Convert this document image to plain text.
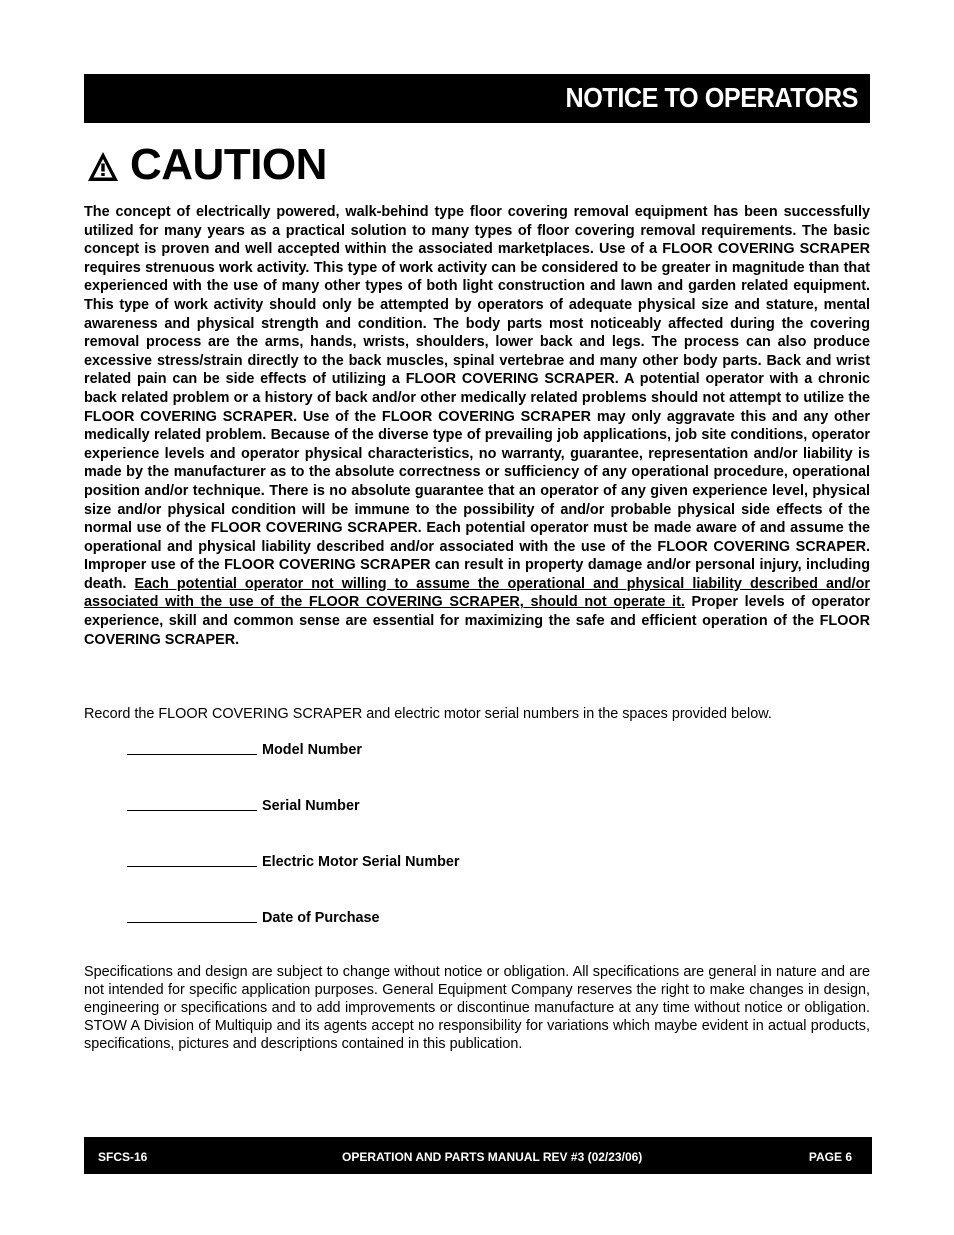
NOTICE TO OPERATORS
CAUTION

The concept of electrically powered, walk-behind type floor covering removal equipment has been successfully utilized for many years as a practical solution to many types of floor covering removal requirements. The basic concept is proven and well accepted within the associated marketplaces. Use of a FLOOR COVERING SCRAPER requires strenuous work activity. This type of work activity can be considered to be greater in magnitude than that experienced with the use of many other types of both light construction and lawn and garden related equipment. This type of work activity should only be attempted by operators of adequate physical size and stature, mental awareness and physical strength and condition. The body parts most noticeably affected during the covering removal process are the arms, hands, wrists, shoulders, lower back and legs. The process can also produce excessive stress/strain directly to the back muscles, spinal vertebrae and many other body parts. Back and wrist related pain can be side effects of utilizing a FLOOR COVERING SCRAPER. A potential operator with a chronic back related problem or a history of back and/or other medically related problems should not attempt to utilize the FLOOR COVERING SCRAPER. Use of the FLOOR COVERING SCRAPER may only aggravate this and any other medically related problem. Because of the diverse type of prevailing job applications, job site conditions, operator experience levels and operator physical characteristics, no warranty, guarantee, representation and/or liability is made by the manufacturer as to the absolute correctness or sufficiency of any operational procedure, operational position and/or technique. There is no absolute guarantee that an operator of any given experience level, physical size and/or physical condition will be immune to the possibility of and/or probable physical side effects of the normal use of the FLOOR COVERING SCRAPER. Each potential operator must be made aware of and assume the operational and physical liability described and/or associated with the use of the FLOOR COVERING SCRAPER. Improper use of the FLOOR COVERING SCRAPER can result in property damage and/or personal injury, including death. Each potential operator not willing to assume the operational and physical liability described and/or associated with the use of the FLOOR COVERING SCRAPER, should not operate it. Proper levels of operator experience, skill and common sense are essential for maximizing the safe and efficient operation of the FLOOR COVERING SCRAPER.

Record the FLOOR COVERING SCRAPER and electric motor serial numbers in the spaces provided below.

Model Number
Serial Number
Electric Motor Serial Number
Date of Purchase

Specifications and design are subject to change without notice or obligation. All specifications are general in nature and are not intended for specific application purposes. General Equipment Company reserves the right to make changes in design, engineering or specifications and to add improvements or discontinue manufacture at any time without notice or obligation. STOW A Division of Multiquip and its agents accept no responsibility for variations which maybe evident in actual products, specifications, pictures and descriptions contained in this publication.

SFCS-16	OPERATION AND PARTS MANUAL REV #3 (02/23/06)	PAGE 6
